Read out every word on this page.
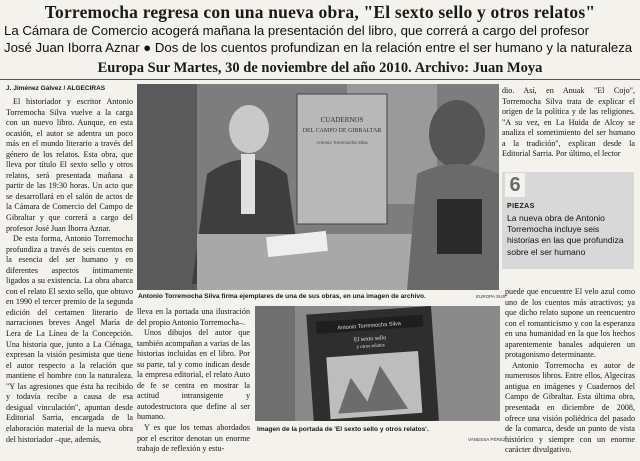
Torremocha regresa con una nueva obra, "El sexto sello y otros relatos"
La Cámara de Comercio acogerá mañana la presentación del libro, que correrá a cargo del profesor
José Juan Iborra Aznar ● Dos de los cuentos profundizan en la relación entre el ser humano y la naturaleza
Europa Sur Martes, 30 de noviembre del año 2010. Archivo: Juan Moya
J. Jiménez Gálvez / ALGECIRAS

El historiador y escritor Antonio Torremocha Silva vuelve a la carga con un nuevo libro. Aunque, en esta ocasión, el autor se adentra un poco más en el mundo literario a través del género de los relatos. Esta obra, que lleva por título El sexto sello y otros relatos, será presentada mañana a partir de las 19:30 horas. Un acto que se desarrollará en el salón de actos de la Cámara de Comercio del Campo de Gibraltar y que correrá a cargo del profesor José Juan Iborra Aznar.

De esta forma, Antonio Torremocha profundiza a través de seis cuentos en la esencia del ser humano y en diferentes aspectos íntimamente ligados a su existencia. La obra abarca con el relato El sexto sello, que obtuvo en 1990 el tercer premio de la segunda edición del certamen literario de narraciones breves Angel María de Lera de La Línea de la Concepción. Una historia que, junto a La Ciénaga, expresan la visión pesimista que tiene el autor respecto a la relación que mantiene el hombre con la naturaleza. "Y las agresiones que ésta ha recibido y todavía recibe a causa de esa desigual vinculación", apuntan desde Editorial Sarria, encargada de la elaboración material de la nueva obra del historiador –que, además,

CUADERNOS
DEL CAMPO DE GIBRALTAR
Antonio Torremocha Silva
Antonio Torremocha Silva firma ejemplares de una de sus obras, en una imagen de archivo.	EUROPA SUR

lleva en la portada una ilustración del propio Antonio Torremocha–.

Unos dibujos del autor que también acompañan a varias de las historias incluidas en el libro. Por su parte, tal y como indican desde la empresa editorial, el relato Auto de fe se centra en mostrar la actitud intransigente y autodestructora que define al ser humano.

Y es que los temas abordados por el escritor denotan un enorme trabajo de reflexión y estu-

Antonio Torremocha Silva
El sexto sello
y otros relatos
Imagen de la portada de 'El sexto sello y otros relatos'.
VANESSA PÉREZ

dio. Así, en Anuak "El Cojo", Torremocha Silva trata de explicar el origen de la política y de las religiones. "A su vez, en La Huida de Alcoy se analiza el sometimiento del ser humano a la tradición", explican desde la Editorial Sarria. Por último, el lector

6
PIEZAS
La nueva obra de Antonio Torremocha incluye seis historias en las que profundiza sobre el ser humano

puede que encuentre El velo azul como uno de los cuentos más atractivos; ya que dicho relato supone un reencuentro con el romanticismo y con la esperanza en una humanidad en la que los hechos aparentemente banales adquieren un protagonismo determinante.

Antonio Torremocha es autor de numerosos libros. Entre ellos, Algeciras antigua en imágenes y Cuadernos del Campo de Gibraltar. Esta última obra, presentada en diciembre de 2008, ofrece una visión poliédrica del pasado de la comarca, desde un punto de vista histórico y siempre con un enorme carácter divulgativo.
